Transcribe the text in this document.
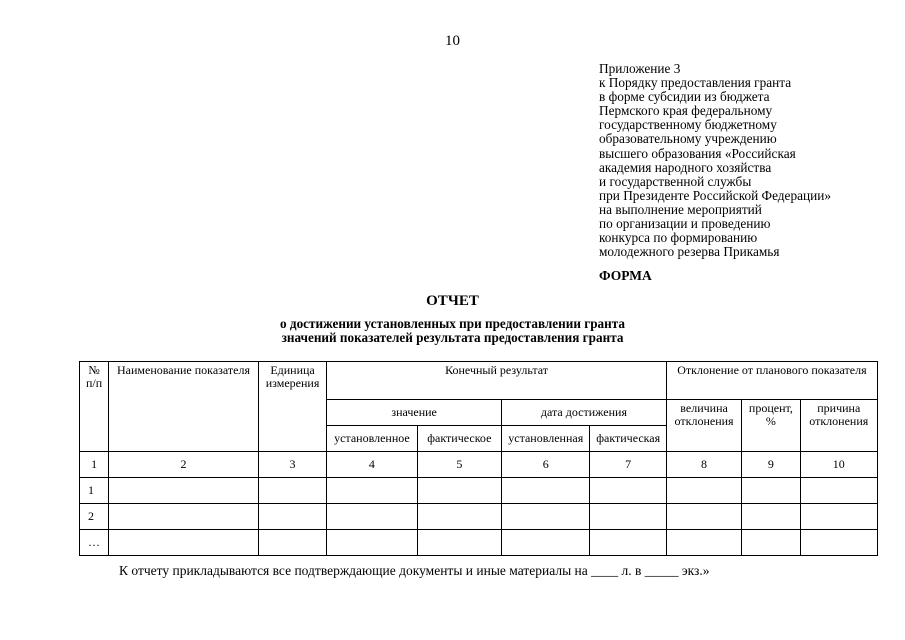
10
Приложение 3
к Порядку предоставления гранта
в форме субсидии из бюджета
Пермского края федеральному
государственному бюджетному
образовательному учреждению
высшего образования «Российская
академия народного хозяйства
и государственной службы
при Президенте Российской Федерации»
на выполнение мероприятий
по организации и проведению
конкурса по формированию
молодежного резерва Прикамья
ФОРМА
ОТЧЕТ
о достижении установленных при предоставлении гранта
значений показателей результата предоставления гранта
№ п/п	Наименование показателя	Единица измерения	Конечный результат				Отклонение от планового показателя		
			значение		дата достижения		величина отклонения	процент, %	причина отклонения
			установленное	фактическое	установленная	фактическая			
1	2	3	4	5	6	7	8	9	10
1									
2									
…									
К отчету прикладываются все подтверждающие документы и иные материалы на ____ л. в _____ экз.»
